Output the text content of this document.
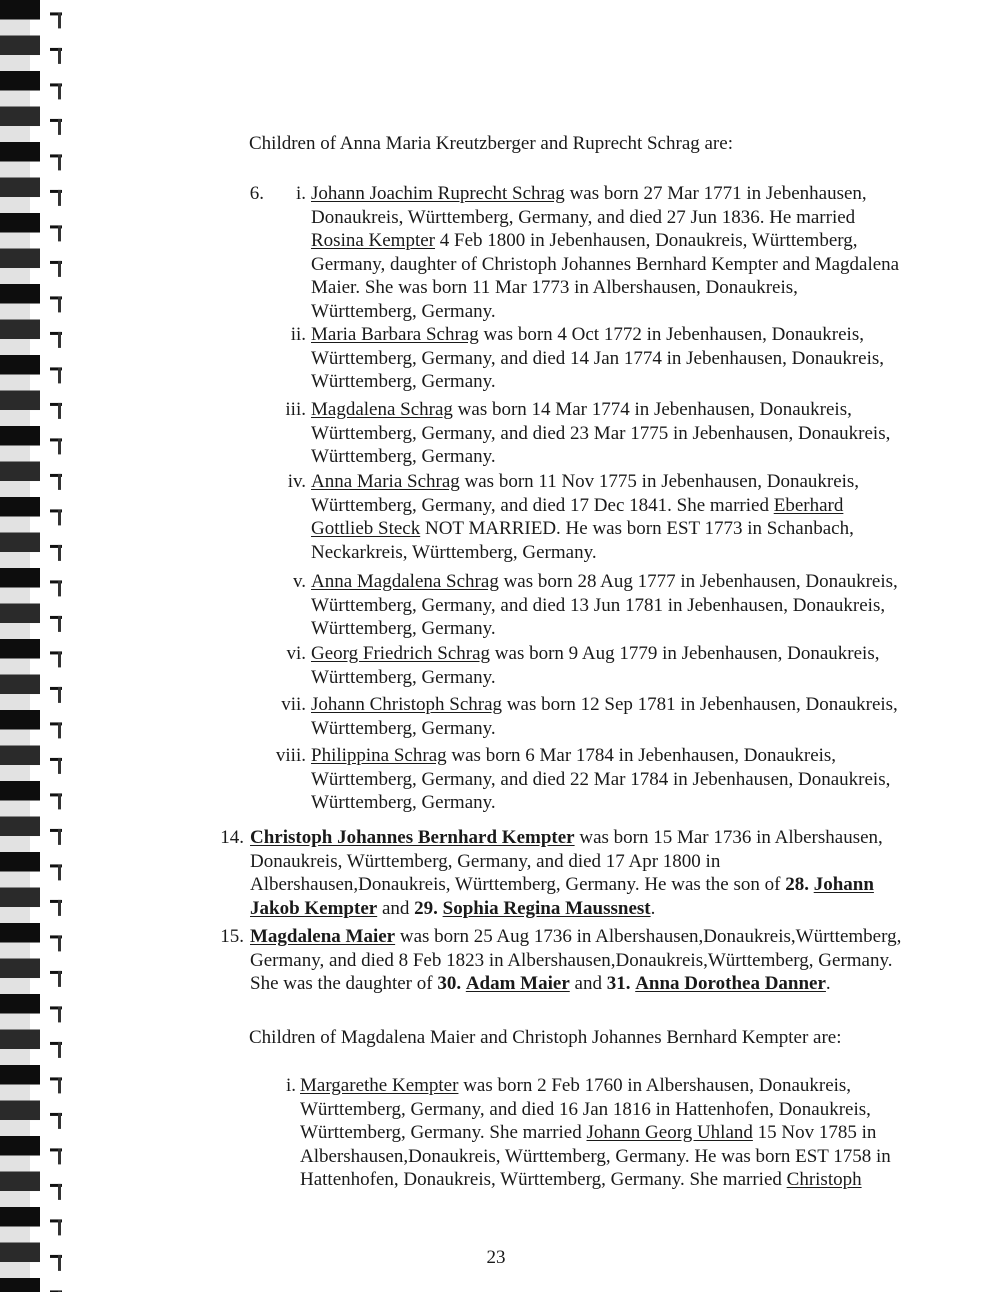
Children of Anna Maria Kreutzberger and Ruprecht Schrag are:
6.	i. Johann Joachim Ruprecht Schrag was born 27 Mar 1771 in Jebenhausen,
Donaukreis, Württemberg, Germany, and died 27 Jun 1836. He married
Rosina Kempter 4 Feb 1800 in Jebenhausen, Donaukreis, Württemberg,
Germany, daughter of Christoph Johannes Bernhard Kempter and Magdalena
Maier. She was born 11 Mar 1773 in Albershausen, Donaukreis,
Württemberg, Germany.
ii. Maria Barbara Schrag was born 4 Oct 1772 in Jebenhausen, Donaukreis,
Württemberg, Germany, and died 14 Jan 1774 in Jebenhausen, Donaukreis,
Württemberg, Germany.
iii. Magdalena Schrag was born 14 Mar 1774 in Jebenhausen, Donaukreis,
Württemberg, Germany, and died 23 Mar 1775 in Jebenhausen, Donaukreis,
Württemberg, Germany.
iv. Anna Maria Schrag was born 11 Nov 1775 in Jebenhausen, Donaukreis,
Württemberg, Germany, and died 17 Dec 1841. She married Eberhard
Gottlieb Steck NOT MARRIED. He was born EST 1773 in Schanbach,
Neckarkreis, Württemberg, Germany.
v. Anna Magdalena Schrag was born 28 Aug 1777 in Jebenhausen, Donaukreis,
Württemberg, Germany, and died 13 Jun 1781 in Jebenhausen, Donaukreis,
Württemberg, Germany.
vi. Georg Friedrich Schrag was born 9 Aug 1779 in Jebenhausen, Donaukreis,
Württemberg, Germany.
vii. Johann Christoph Schrag was born 12 Sep 1781 in Jebenhausen, Donaukreis,
Württemberg, Germany.
viii. Philippina Schrag was born 6 Mar 1784 in Jebenhausen, Donaukreis,
Württemberg, Germany, and died 22 Mar 1784 in Jebenhausen, Donaukreis,
Württemberg, Germany.
14. Christoph Johannes Bernhard Kempter was born 15 Mar 1736 in Albershausen,
Donaukreis, Württemberg, Germany, and died 17 Apr 1800 in
Albershausen,Donaukreis, Württemberg, Germany. He was the son of 28. Johann
Jakob Kempter and 29. Sophia Regina Maussnest.
15. Magdalena Maier was born 25 Aug 1736 in Albershausen,Donaukreis,Württemberg,
Germany, and died 8 Feb 1823 in Albershausen,Donaukreis,Württemberg, Germany.
She was the daughter of 30. Adam Maier and 31. Anna Dorothea Danner.
Children of Magdalena Maier and Christoph Johannes Bernhard Kempter are:
i. Margarethe Kempter was born 2 Feb 1760 in Albershausen, Donaukreis,
Württemberg, Germany, and died 16 Jan 1816 in Hattenhofen, Donaukreis,
Württemberg, Germany. She married Johann Georg Uhland 15 Nov 1785 in
Albershausen,Donaukreis, Württemberg, Germany. He was born EST 1758 in
Hattenhofen, Donaukreis, Württemberg, Germany. She married Christoph
23
